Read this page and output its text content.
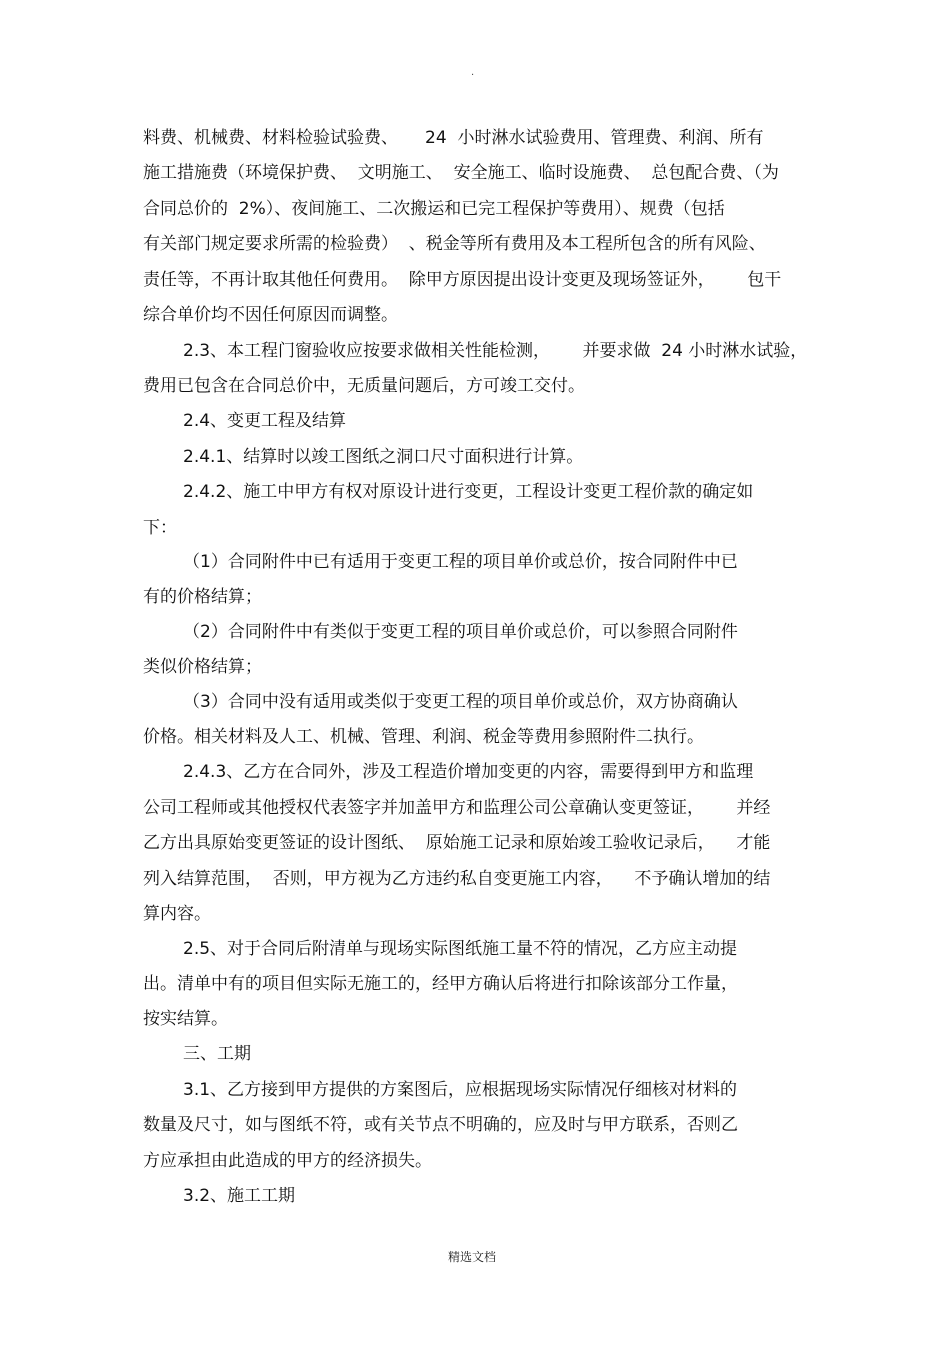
·
料费、机械费、材料检验试验费、     24  小时淋水试验费用、管理费、利润、所有
施工措施费（环境保护费、  文明施工、  安全施工、临时设施费、  总包配合费、（为
合同总价的  2%）、夜间施工、二次搬运和已完工程保护等费用）、规费（包括
有关部门规定要求所需的检验费）  、税金等所有费用及本工程所包含的所有风险、
责任等，不再计取其他任何费用。  除甲方原因提出设计变更及现场签证外，      包干
综合单价均不因任何原因而调整。
2.3、本工程门窗验收应按要求做相关性能检测，      并要求做  24 小时淋水试验，
费用已包含在合同总价中，无质量问题后，方可竣工交付。
2.4、变更工程及结算
2.4.1、结算时以竣工图纸之洞口尺寸面积进行计算。
2.4.2、施工中甲方有权对原设计进行变更，工程设计变更工程价款的确定如
下：
（1）合同附件中已有适用于变更工程的项目单价或总价，按合同附件中已
有的价格结算；
（2）合同附件中有类似于变更工程的项目单价或总价，可以参照合同附件
类似价格结算；
（3）合同中没有适用或类似于变更工程的项目单价或总价，双方协商确认
价格。相关材料及人工、机械、管理、利润、税金等费用参照附件二执行。
2.4.3、乙方在合同外，涉及工程造价增加变更的内容，需要得到甲方和监理
公司工程师或其他授权代表签字并加盖甲方和监理公司公章确认变更签证，      并经
乙方出具原始变更签证的设计图纸、  原始施工记录和原始竣工验收记录后，    才能
列入结算范围，  否则，甲方视为乙方违约私自变更施工内容，    不予确认增加的结
算内容。
2.5、对于合同后附清单与现场实际图纸施工量不符的情况，乙方应主动提
出。清单中有的项目但实际无施工的，经甲方确认后将进行扣除该部分工作量，
按实结算。
三、工期
3.1、乙方接到甲方提供的方案图后，应根据现场实际情况仔细核对材料的
数量及尺寸，如与图纸不符，或有关节点不明确的，应及时与甲方联系，否则乙
方应承担由此造成的甲方的经济损失。
3.2、施工工期
精选文档
